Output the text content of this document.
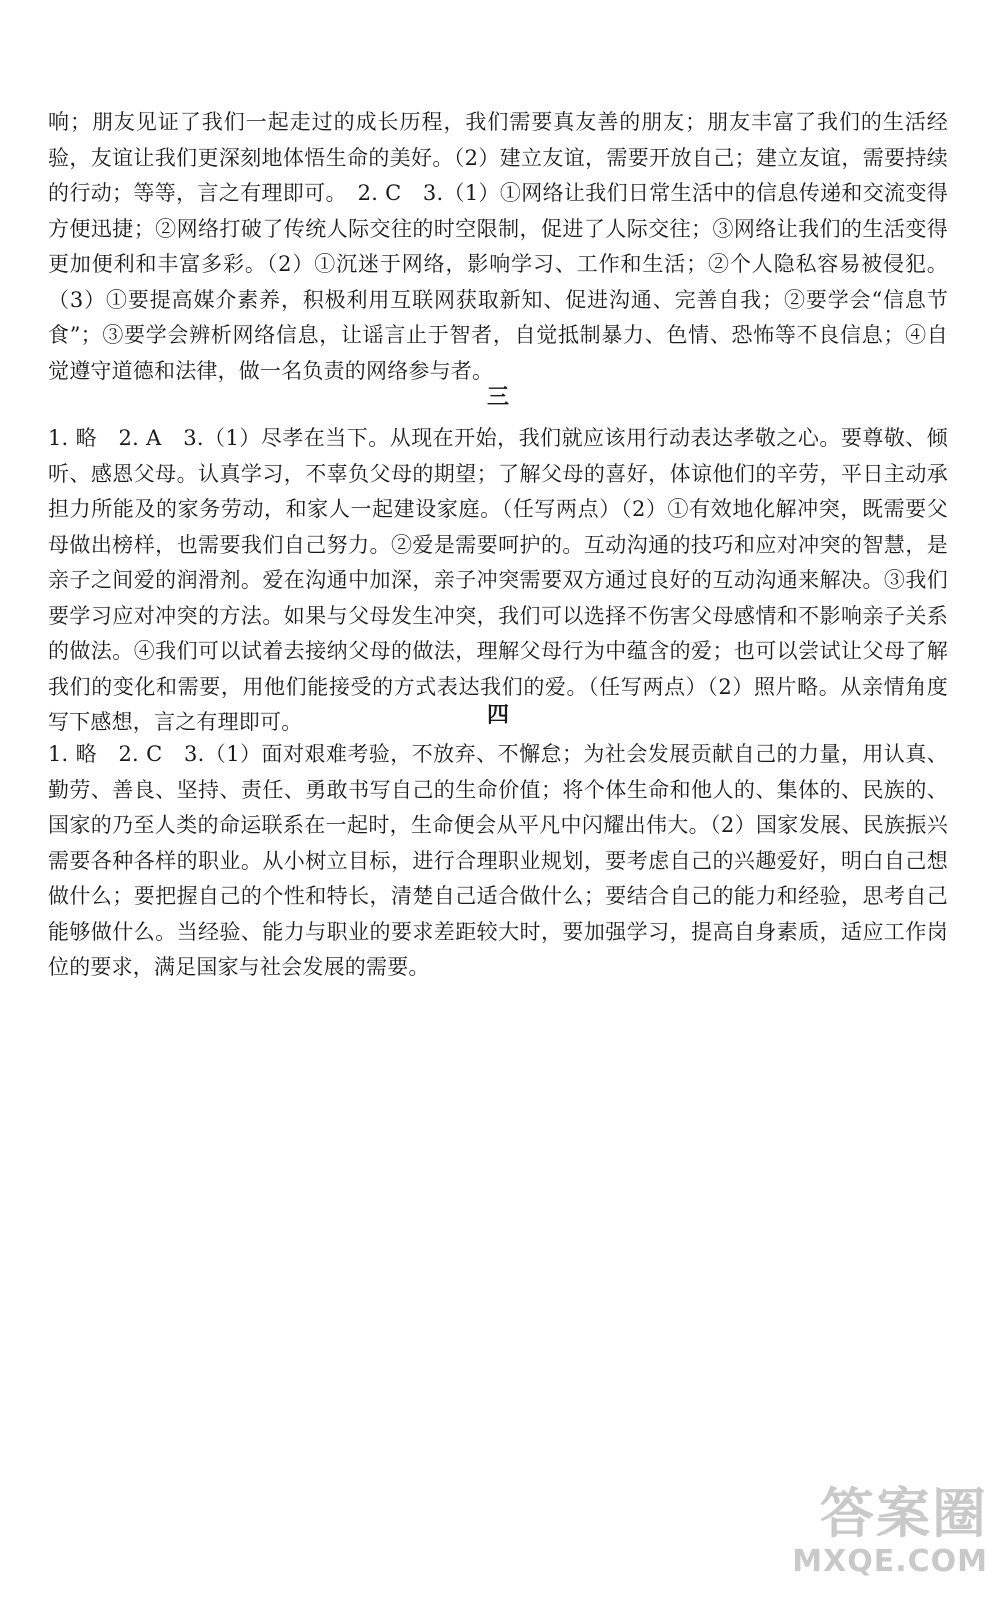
响；朋友见证了我们一起走过的成长历程，我们需要真友善的朋友；朋友丰富了我们的生活经验，友谊让我们更深刻地体悟生命的美好。（2）建立友谊，需要开放自己；建立友谊，需要持续的行动；等等，言之有理即可。　2. C　3.（1）①网络让我们日常生活中的信息传递和交流变得方便迅捷；②网络打破了传统人际交往的时空限制，促进了人际交往；③网络让我们的生活变得更加便利和丰富多彩。（2）①沉迷于网络，影响学习、工作和生活；②个人隐私容易被侵犯。（3）①要提高媒介素养，积极利用互联网获取新知、促进沟通、完善自我；②要学会“信息节食”；③要学会辨析网络信息，让谣言止于智者，自觉抵制暴力、色情、恐怖等不良信息；④自觉遵守道德和法律，做一名负责的网络参与者。

三

1. 略　2. A　3.（1）尽孝在当下。从现在开始，我们就应该用行动表达孝敬之心。要尊敬、倾听、感恩父母。认真学习，不辜负父母的期望；了解父母的喜好，体谅他们的辛劳，平日主动承担力所能及的家务劳动，和家人一起建设家庭。（任写两点）（2）①有效地化解冲突，既需要父母做出榜样，也需要我们自己努力。②爱是需要呵护的。互动沟通的技巧和应对冲突的智慧，是亲子之间爱的润滑剂。爱在沟通中加深，亲子冲突需要双方通过良好的互动沟通来解决。③我们要学习应对冲突的方法。如果与父母发生冲突，我们可以选择不伤害父母感情和不影响亲子关系的做法。④我们可以试着去接纳父母的做法，理解父母行为中蕴含的爱；也可以尝试让父母了解我们的变化和需要，用他们能接受的方式表达我们的爱。（任写两点）（2）照片略。从亲情角度写下感想，言之有理即可。	四

1. 略　2. C　3.（1）面对艰难考验，不放弃、不懈怠；为社会发展贡献自己的力量，用认真、勤劳、善良、坚持、责任、勇敢书写自己的生命价值；将个体生命和他人的、集体的、民族的、国家的乃至人类的命运联系在一起时，生命便会从平凡中闪耀出伟大。（2）国家发展、民族振兴需要各种各样的职业。从小树立目标，进行合理职业规划，要考虑自己的兴趣爱好，明白自己想做什么；要把握自己的个性和特长，清楚自己适合做什么；要结合自己的能力和经验，思考自己能够做什么。当经验、能力与职业的要求差距较大时，要加强学习，提高自身素质，适应工作岗位的要求，满足国家与社会发展的需要。

答案圈
MXQE.COM
